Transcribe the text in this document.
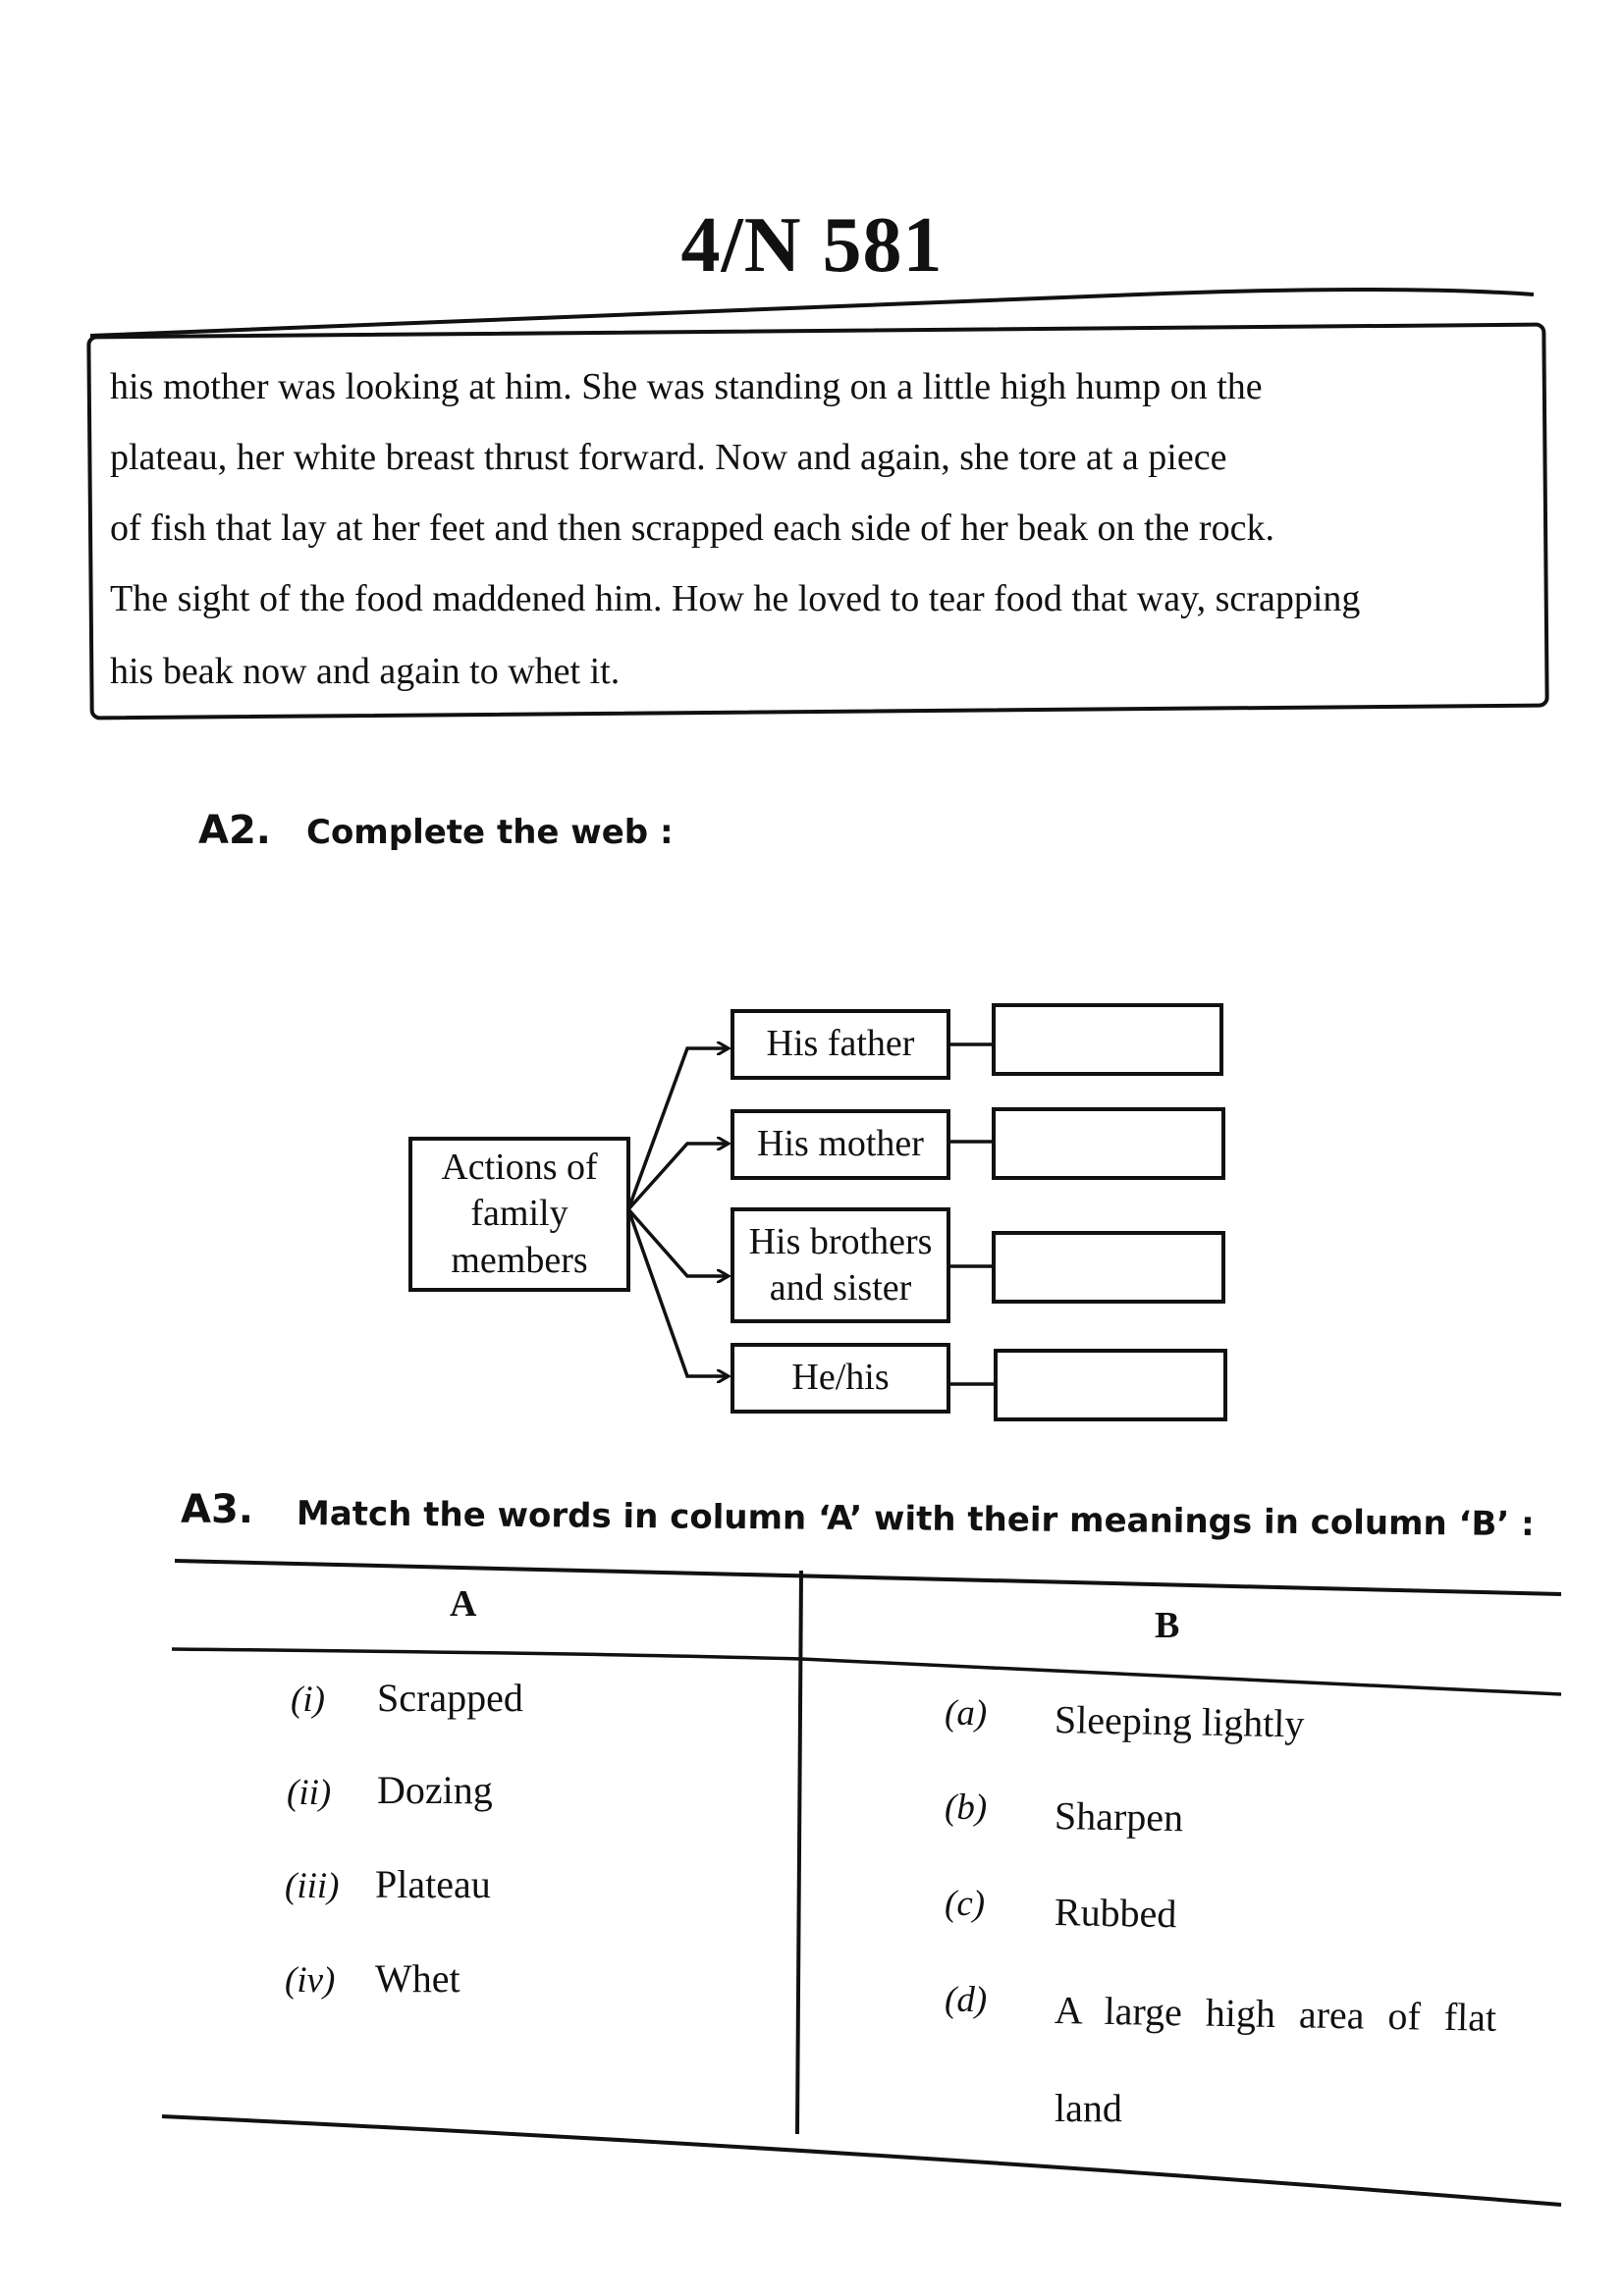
4/N 581
his mother was looking at him. She was standing on a little high hump on the
plateau, her white breast thrust forward. Now and again, she tore at a piece
of fish that lay at her feet and then scrapped each side of her beak on the rock.
The sight of the food maddened him. How he loved to tear food that way, scrapping
his beak now and again to whet it.
A2. Complete the web :
Actions of
family
members
His father
His mother
His brothers
and sister
He/his
A3. Match the words in column ‘A’ with their meanings in column ‘B’ :
A
B
(i) Scrapped
(ii) Dozing
(iii) Plateau
(iv) Whet
(a) Sleeping lightly
(b) Sharpen
(c) Rubbed
(d) A large high area of flat
land
